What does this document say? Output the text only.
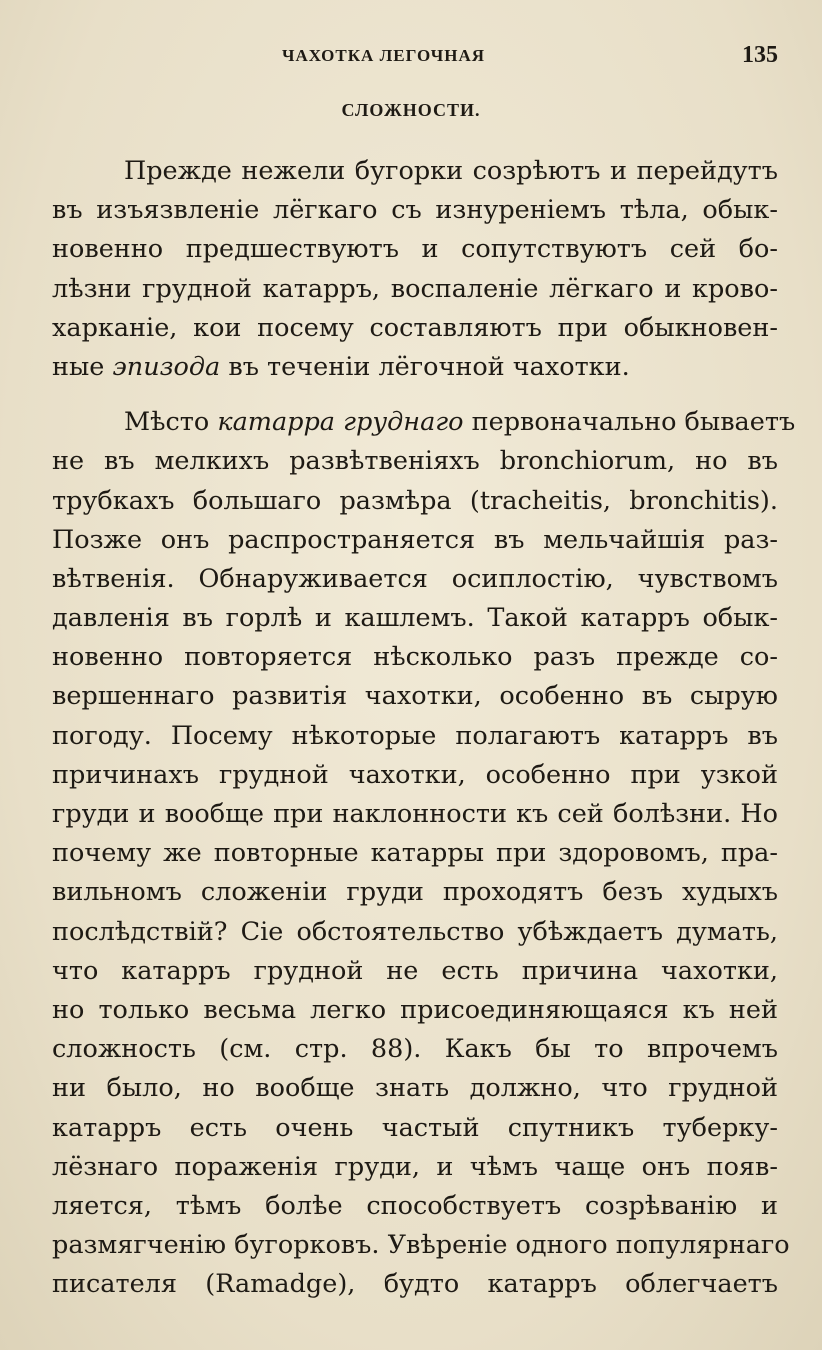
ЧАХОТКА ЛЕГОЧНАЯ	135
СЛОЖНОСТИ.
Прежде нежели бугорки созрѣютъ и перейдутъ
въ изъязвленіе лёгкаго съ изнуреніемъ тѣла, обык-
новенно предшествуютъ и сопутствуютъ сей бо-
лѣзни грудной катарръ, воспаленіе лёгкаго и крово-
харканіе, кои посему составляютъ при обыкновен-
ные эпизода въ теченіи лёгочной чахотки.
Мѣсто катарра груднаго первоначально бываетъ
не въ мелкихъ развѣтвеніяхъ bronchiorum, но въ
трубкахъ большаго размѣра (tracheitis, bronchitis).
Позже онъ распространяется въ мельчайшія раз-
вѣтвенія. Обнаруживается осиплостію, чувствомъ
давленія въ горлѣ и кашлемъ. Такой катарръ обык-
новенно повторяется нѣсколько разъ прежде со-
вершеннаго развитія чахотки, особенно въ сырую
погоду. Посему нѣкоторые полагаютъ катарръ въ
причинахъ грудной чахотки, особенно при узкой
груди и вообще при наклонности къ сей болѣзни. Но
почему же повторные катарры при здоровомъ, пра-
вильномъ сложеніи груди проходятъ безъ худыхъ
послѣдствій? Сіе обстоятельство убѣждаетъ думать,
что катарръ грудной не есть причина чахотки,
но только весьма легко присоединяющаяся къ ней
сложность (см. стр. 88). Какъ бы то впрочемъ
ни было, но вообще знать должно, что грудной
катарръ есть очень частый спутникъ туберку-
лёзнаго пораженія груди, и чѣмъ чаще онъ появ-
ляется, тѣмъ болѣе способствуетъ созрѣванію и
размягченію бугорковъ. Увѣреніе одного популярнаго
писателя (Ramadge), будто катарръ облегчаетъ
